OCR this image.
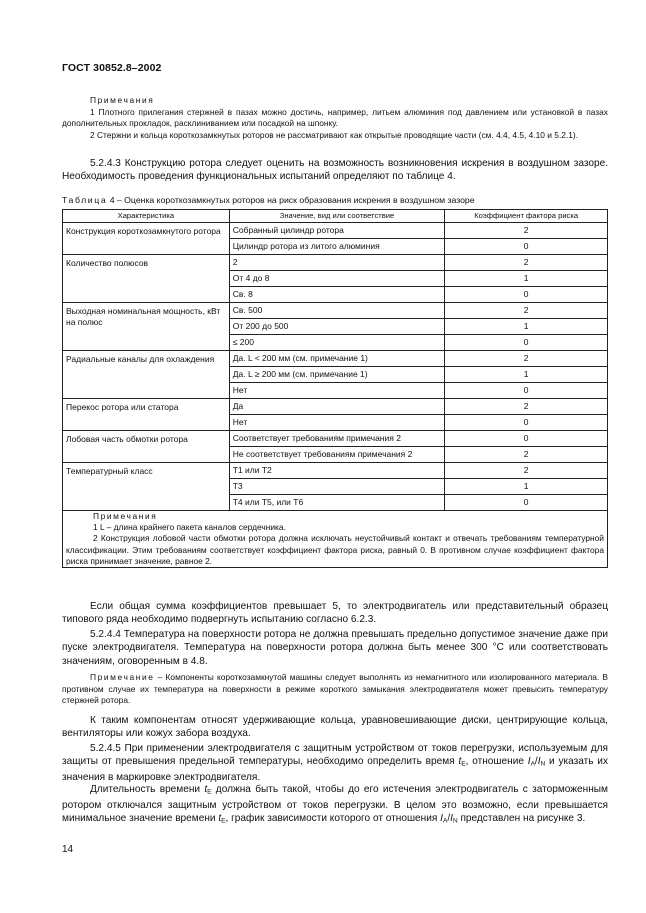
ГОСТ 30852.8–2002

Примечания

1 Плотного прилегания стержней в пазах можно достичь, например, литьем алюминия под давлением или установкой в пазах дополнительных прокладок, расклиниванием или посадкой на шпонку.

2 Стержни и кольца короткозамкнутых роторов не рассматривают как открытые проводящие части (см. 4.4, 4.5, 4.10 и 5.2.1).

5.2.4.3 Конструкцию ротора следует оценить на возможность возникновения искрения в воздушном зазоре. Необходимость проведения функциональных испытаний определяют по таблице 4.

Таблица 4 – Оценка короткозамкнутых роторов на риск образования искрения в воздушном зазоре
Характеристика	Значение, вид или соответствие	Коэффициент фактора риска
Конструкция короткозамкнутого ротора	Собранный цилиндр ротора	2
	Цилиндр ротора из литого алюминия	0
Количество полюсов	2	2
	От 4 до 8	1
	Св. 8	0
Выходная номинальная мощность, кВт на полюс	Св. 500	2
	От 200 до 500	1
	≤ 200	0
Радиальные каналы для охлаждения	Да. L < 200 мм (см. примечание 1)	2
	Да. L ≥ 200 мм (см. примечание 1)	1
	Нет	0
Перекос ротора или статора	Да	2
	Нет	0
Лобовая часть обмотки ротора	Соответствует требованиям примечания 2	0
	Не соответствует требованиям примечания 2	2
Температурный класс	Т1 или Т2	2
	Т3	1
	Т4 или Т5, или Т6	0

Примечания

1 L – длина крайнего пакета каналов сердечника.

2 Конструкция лобовой части обмотки ротора должна исключать неустойчивый контакт и отвечать требованиям температурной классификации. Этим требованиям соответствует коэффициент фактора риска, равный 0. В противном случае коэффициент фактора риска принимает значение, равное 2.		

Если общая сумма коэффициентов превышает 5, то электродвигатель или представительный образец типового ряда необходимо подвергнуть испытанию согласно 6.2.3.

5.2.4.4 Температура на поверхности ротора не должна превышать предельно допустимое значение даже при пуске электродвигателя. Температура на поверхности ротора должна быть менее 300 °С или соответствовать значениям, оговоренным в 4.8.

Примечание – Компоненты короткозамкнутой машины следует выполнять из немагнитного или изолированного материала. В противном случае их температура на поверхности в режиме короткого замыкания электродвигателя может превысить температуру стержней ротора.

К таким компонентам относят удерживающие кольца, уравновешивающие диски, центрирующие кольца, вентиляторы или кожух забора воздуха.

5.2.4.5 При применении электродвигателя с защитным устройством от токов перегрузки, используемым для защиты от превышения предельной температуры, необходимо определить время $t_E$, отношение $I_A/I_N$ и указать их значения в маркировке электродвигателя.

Длительность времени $t_E$ должна быть такой, чтобы до его истечения электродвигатель с заторможенным ротором отключался защитным устройством от токов перегрузки. В целом это возможно, если превышается минимальное значение времени $t_E$, график зависимости которого от отношения $I_A/I_N$ представлен на рисунке 3.

14
